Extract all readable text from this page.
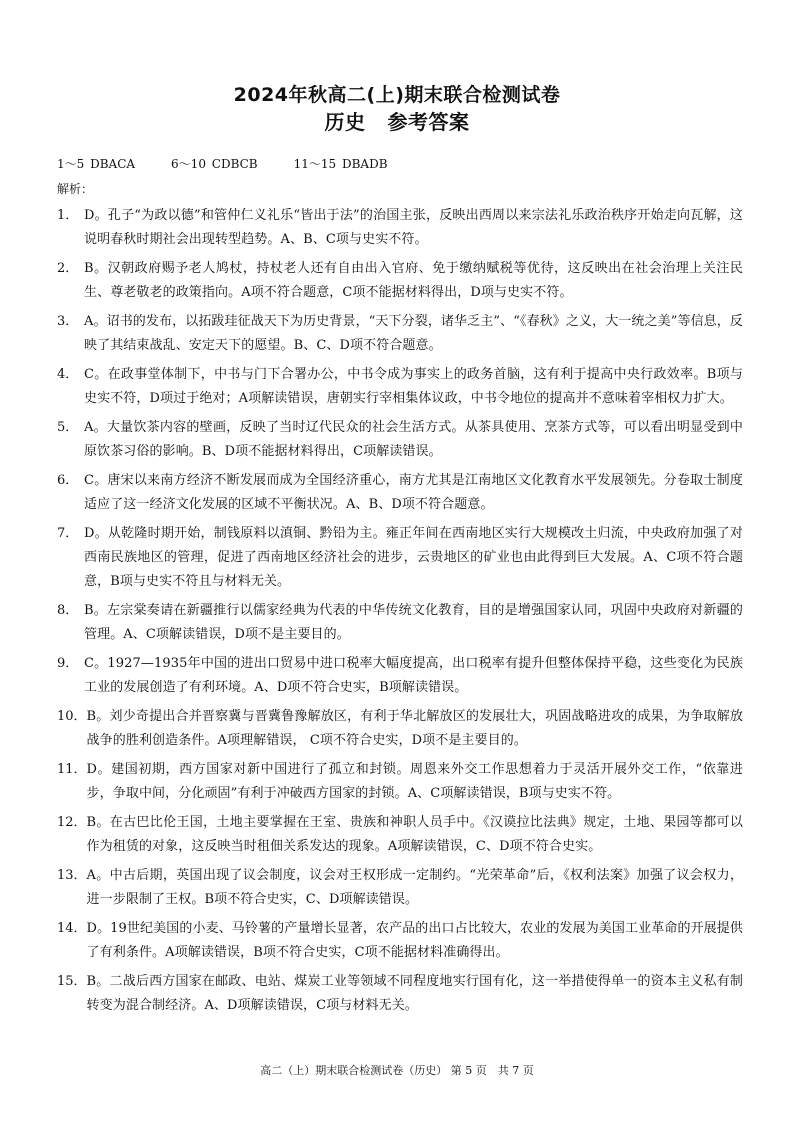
2024年秋高二(上)期末联合检测试卷
历史 参考答案
1～5 DBACA	6～10 CDBCB	11～15 DBADB
解析：
1． D。孔子“为政以德”和管仲仁义礼乐“皆出于法”的治国主张，反映出西周以来宗法礼乐政治秩序开始走向瓦解，这说明春秋时期社会出现转型趋势。A、B、C项与史实不符。
2． B。汉朝政府赐予老人鸠杖，持杖老人还有自由出入官府、免于缴纳赋税等优待，这反映出在社会治理上关注民生、尊老敬老的政策指向。A项不符合题意，C项不能据材料得出，D项与史实不符。
3． A。诏书的发布，以拓跋珪征战天下为历史背景，“天下分裂，诸华乏主”、“《春秋》之义，大一统之美”等信息，反映了其结束战乱、安定天下的愿望。B、C、D项不符合题意。
4． C。在政事堂体制下，中书与门下合署办公，中书令成为事实上的政务首脑，这有利于提高中央行政效率。B项与史实不符，D项过于绝对；A项解读错误，唐朝实行宰相集体议政，中书令地位的提高并不意味着宰相权力扩大。
5． A。大量饮茶内容的壁画，反映了当时辽代民众的社会生活方式。从茶具使用、烹茶方式等，可以看出明显受到中原饮茶习俗的影响。B、D项不能据材料得出，C项解读错误。
6． C。唐宋以来南方经济不断发展而成为全国经济重心，南方尤其是江南地区文化教育水平发展领先。分卷取士制度适应了这一经济文化发展的区域不平衡状况。A、B、D项不符合题意。
7． D。从乾隆时期开始，制钱原料以滇铜、黔铅为主。雍正年间在西南地区实行大规模改土归流，中央政府加强了对西南民族地区的管理，促进了西南地区经济社会的进步，云贵地区的矿业也由此得到巨大发展。A、C项不符合题意，B项与史实不符且与材料无关。
8． B。左宗棠奏请在新疆推行以儒家经典为代表的中华传统文化教育，目的是增强国家认同，巩固中央政府对新疆的管理。A、C项解读错误，D项不是主要目的。
9． C。1927—1935年中国的进出口贸易中进口税率大幅度提高，出口税率有提升但整体保持平稳，这些变化为民族工业的发展创造了有利环境。A、D项不符合史实，B项解读错误。
10． B。刘少奇提出合并晋察冀与晋冀鲁豫解放区，有利于华北解放区的发展壮大，巩固战略进攻的成果，为争取解放战争的胜利创造条件。A项理解错误， C项不符合史实，D项不是主要目的。
11． D。建国初期，西方国家对新中国进行了孤立和封锁。周恩来外交工作思想着力于灵活开展外交工作，“依靠进步，争取中间，分化顽固”有利于冲破西方国家的封锁。A、C项解读错误，B项与史实不符。
12． B。在古巴比伦王国，土地主要掌握在王室、贵族和神职人员手中。《汉谟拉比法典》规定，土地、果园等都可以作为租赁的对象，这反映当时租佃关系发达的现象。A项解读错误，C、D项不符合史实。
13． A。中古后期，英国出现了议会制度，议会对王权形成一定制约。“光荣革命”后，《权利法案》加强了议会权力，进一步限制了王权。B项不符合史实，C、D项解读错误。
14． D。19世纪美国的小麦、马铃薯的产量增长显著，农产品的出口占比较大，农业的发展为美国工业革命的开展提供了有利条件。A项解读错误，B项不符合史实，C项不能据材料准确得出。
15． B。二战后西方国家在邮政、电站、煤炭工业等领域不同程度地实行国有化，这一举措使得单一的资本主义私有制转变为混合制经济。A、D项解读错误，C项与材料无关。
高二（上）期末联合检测试卷（历史） 第 5 页　共 7 页
